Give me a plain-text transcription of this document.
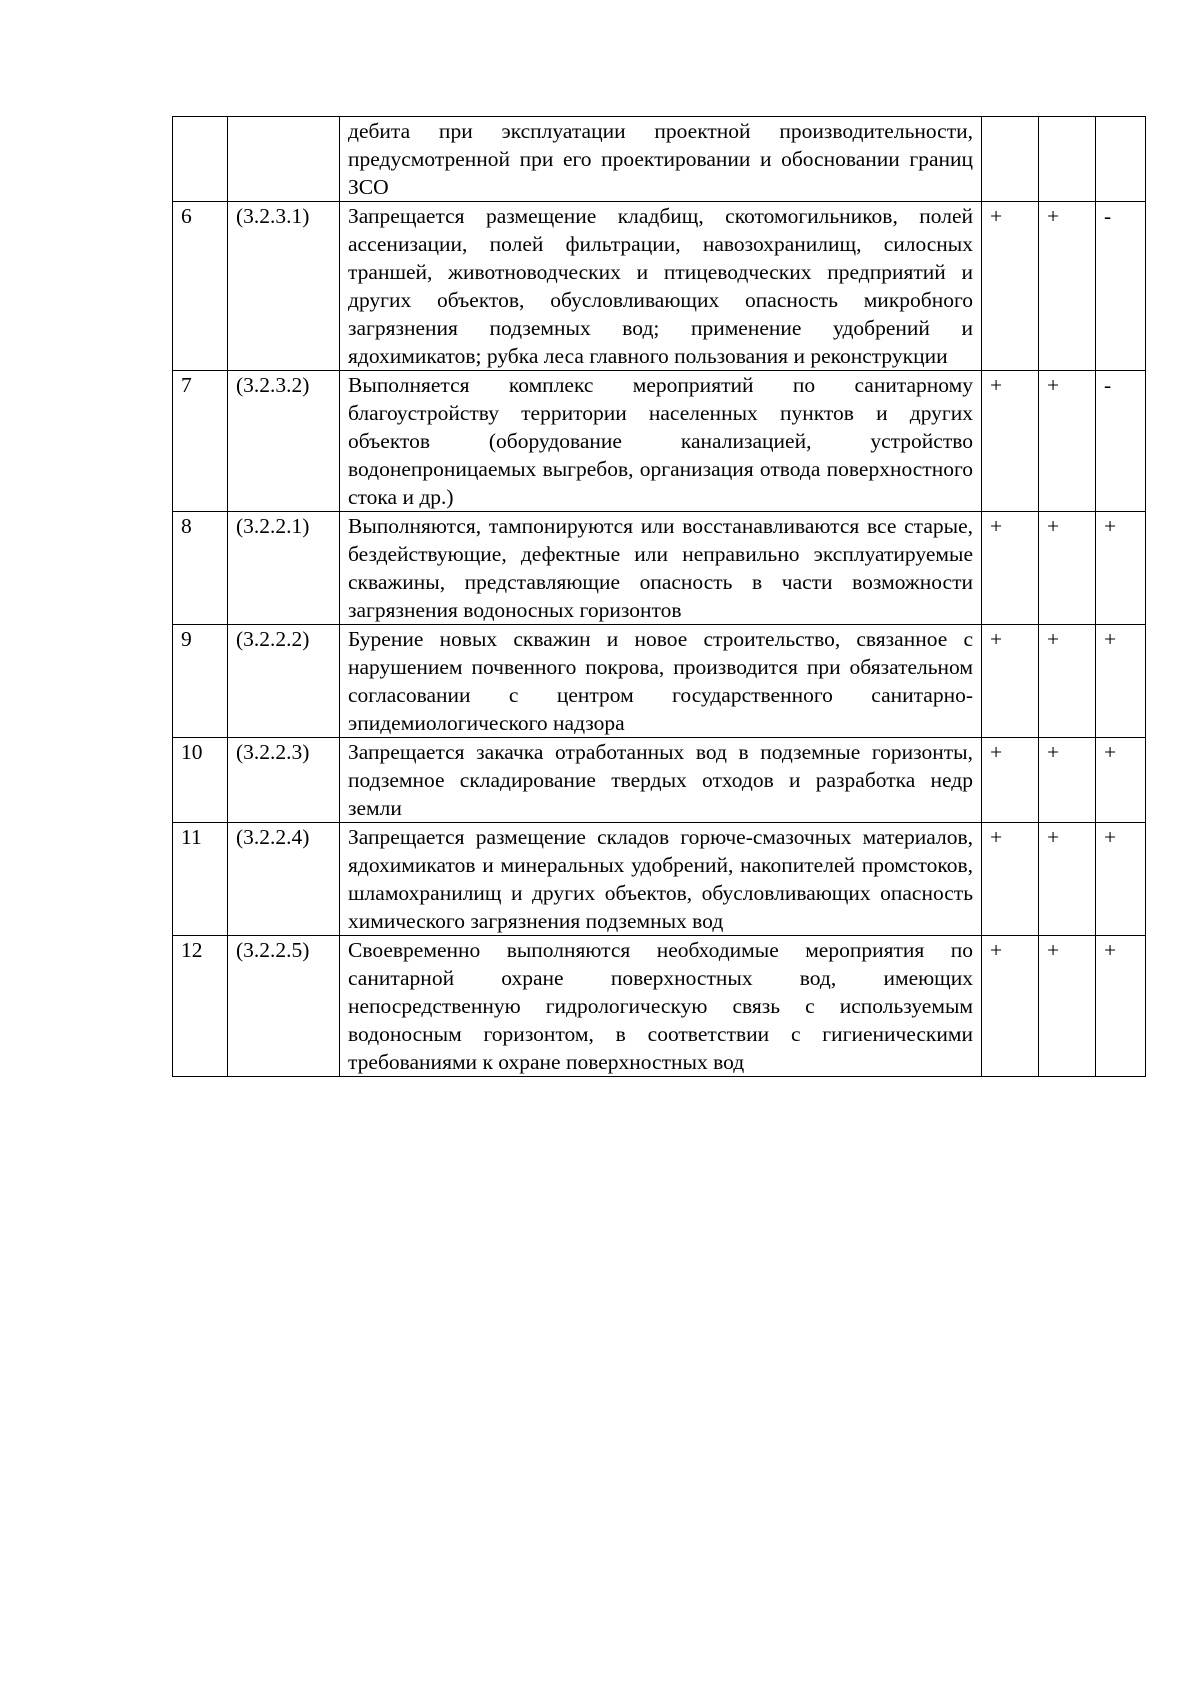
		дебита при эксплуатации проектной производительности, предусмотренной при его проектировании и обосновании границ ЗСО			
6	(3.2.3.1)	Запрещается размещение кладбищ, скотомогильников, полей ассенизации, полей фильтрации, навозохранилищ, силосных траншей, животноводческих и птицеводческих предприятий и других объектов, обусловливающих опасность микробного загрязнения подземных вод; применение удобрений и ядохимикатов; рубка леса главного пользования и реконструкции	+	+	-
7	(3.2.3.2)	Выполняется комплекс мероприятий по санитарному благоустройству территории населенных пунктов и других объектов (оборудование канализацией, устройство водонепроницаемых выгребов, организация отвода поверхностного стока и др.)	+	+	-
8	(3.2.2.1)	Выполняются, тампонируются или восстанавливаются все старые, бездействующие, дефектные или неправильно эксплуатируемые скважины, представляющие опасность в части возможности загрязнения водоносных горизонтов	+	+	+
9	(3.2.2.2)	Бурение новых скважин и новое строительство, связанное с нарушением почвенного покрова, производится при обязательном согласовании с центром государственного санитарно-эпидемиологического надзора	+	+	+
10	(3.2.2.3)	Запрещается закачка отработанных вод в подземные горизонты, подземное складирование твердых отходов и разработка недр земли	+	+	+
11	(3.2.2.4)	Запрещается размещение складов горюче-смазочных материалов, ядохимикатов и минеральных удобрений, накопителей промстоков, шламохранилищ и других объектов, обусловливающих опасность химического загрязнения подземных вод	+	+	+
12	(3.2.2.5)	Своевременно выполняются необходимые мероприятия по санитарной охране поверхностных вод, имеющих непосредственную гидрологическую связь с используемым водоносным горизонтом, в соответствии с гигиеническими требованиями к охране поверхностных вод	+	+	+
